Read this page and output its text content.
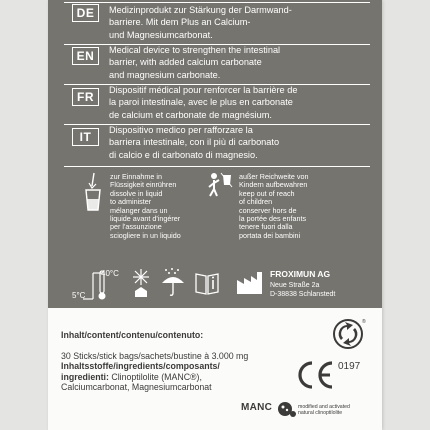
DE	Medizinprodukt zur Stärkung der Darmwand-
barriere. Mit dem Plus an Calcium-
und Magnesiumcarbonat.
EN	Medical device to strengthen the intestinal
barrier, with added calcium carbonate
and magnesium carbonate.
FR	Dispositif médical pour renforcer la barrière de
la paroi intestinale, avec le plus en carbonate
de calcium et carbonate de magnésium.
IT	Dispositivo medico per rafforzare la
barriera intestinale, con il più di carbonato
di calcio e di carbonato di magnesio.
zur Einnahme in
Flüssigkeit einrühren
dissolve in liquid
to administer
mélanger dans un
liquide avant d'ingérer
per l'assunzione
sciogliere in un liquido
außer Reichweite von
Kindern aufbewahren
keep out of reach
of children
conserver hors de
la portée des enfants
tenere fuori dalla
portata dei bambini
40°C
5°C
FROXIMUN AG
Neue Straße 2a
D-38838 Schlanstedt

Inhalt/content/contenu/contenuto:

30 Sticks/stick bags/sachets/bustine à 3.000 mg

Inhaltsstoffe/ingredients/composants/
ingredienti: Clinoptilolite (MANC®),
Calciumcarbonat, Magnesiumcarbonat

®
0197
MANC	modified and activated
natural clinoptilolite
